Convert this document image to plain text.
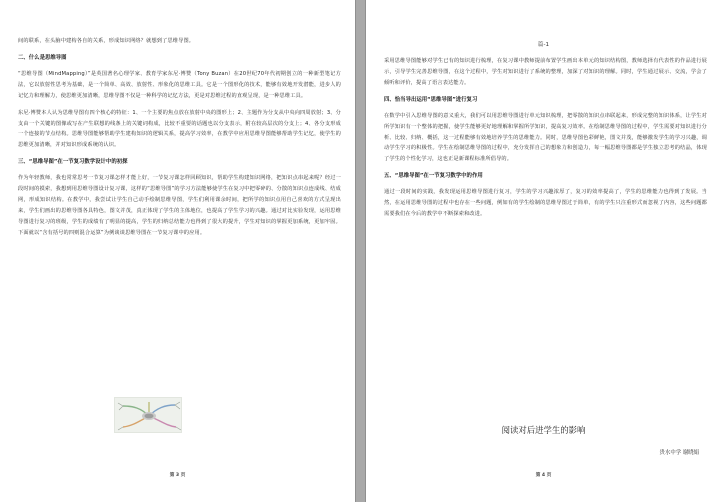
间的联系，在头脑中建构各自的关系，形成知识网络？就想到了思维导图。

二、什么是思维导图

“思维导图（MindMapping）”是英国著名心理学家、教育学家东尼·博赞（Tony Buzan）在20世纪70年代初期创立的一种新型笔记方法，它以放射性思考为基础，是一个简单、高效、放射性、形象化的思维工具。它是一个图形化的技术，能够有效地开发潜能，进步人的记忆力和理解力，使思维更加清晰，思维导图不仅是一种科学的记忆方法，更是对思维过程的直观呈现，是一种思维工具。

东尼·博赞本人认为思维导图有四个核心的特征：1、一个主要的焦点放在放射中央的图形上；2、主题作为分支从中央向四周放射；3、分支由一个关键的图像或写在产生联想的线条上的关键词构成，比较不重要的话题也以分支表示，附在较高层次的分支上；4、各分支形成一个连接的节点结构。思维导图能够帮助学生建构知识的逻辑关系，提高学习效率，在教学中应用思维导图能够帮助学生记忆，使学生的思维更加清晰，并对知识形成系统的认识。

三、“思维导图”在一节复习数学设计中的初探

作为年轻教师，我也常常思考一节复习课怎样才能上好，一节复习课怎样回顾知识，帮助学生构建知识网络，把知识点串起来呢？经过一段时间的摸索，我想到用思维导图设计复习课，这样的“思维导图”的学习方法能够使学生在复习中把零碎的、分散的知识点连成线、结成网，形成知识结构。在教学中，我尝试让学生自己动手绘制思维导图，学生们利用课余时间，把所学的知识点用自己喜欢的方式呈现出来，学生们画出的思维导图各具特色，图文并茂，真正体现了学生的主体地位，也提高了学生学习的兴趣。通过对比实验发现，运用思维导图进行复习的班级，学生的成绩有了明显的提高，学生的归纳总结能力也得到了很大的提升，学生对知识的掌握更加系统，更加牢固。下面就以“含有括号的四则混合运算”为例谈谈思维导图在一节复习课中的应用。

第 3 页
篇-1

采用思维导图能够对学生已有的知识进行梳理，在复习课中教师提前布置学生画出本单元的知识结构图，教师选择有代表性的作品进行展示，引导学生完善思维导图，在这个过程中，学生对知识进行了系统的整理，加深了对知识的理解。同时，学生通过展示、交流，学会了倾听和评价，提高了语言表达能力。

四、恰当导出运用“思维导图”进行复习

在数学中引入思维导图的意义重大，我们可以用思维导图进行单元知识梳理，把零散的知识点串联起来，形成完整的知识体系，让学生对所学知识有一个整体的把握，使学生能够更好地理解和掌握所学知识，提高复习效率。在绘制思维导图的过程中，学生需要对知识进行分析、比较、归纳、概括，这一过程能够有效地培养学生的思维能力。同时，思维导图色彩鲜艳，图文并茂，能够激发学生的学习兴趣，调动学生学习的积极性。学生在绘制思维导图的过程中，充分发挥自己的想象力和创造力，每一幅思维导图都是学生独立思考的结晶，体现了学生的个性化学习，这也正是新课程标准所倡导的。

五、“思维导图”在一节复习数学中的作用

通过一段时间的实践，我发现运用思维导图进行复习，学生的学习兴趣浓厚了，复习的效率提高了，学生的思维能力也得到了发展。当然，在运用思维导图的过程中也存在一些问题，例如有的学生绘制的思维导图过于简单，有的学生只注重形式而忽视了内容，这些问题都需要我们在今后的教学中不断探索和改进。

阅读对后进学生的影响
贵水中学 谢晓娟
第 4 页
